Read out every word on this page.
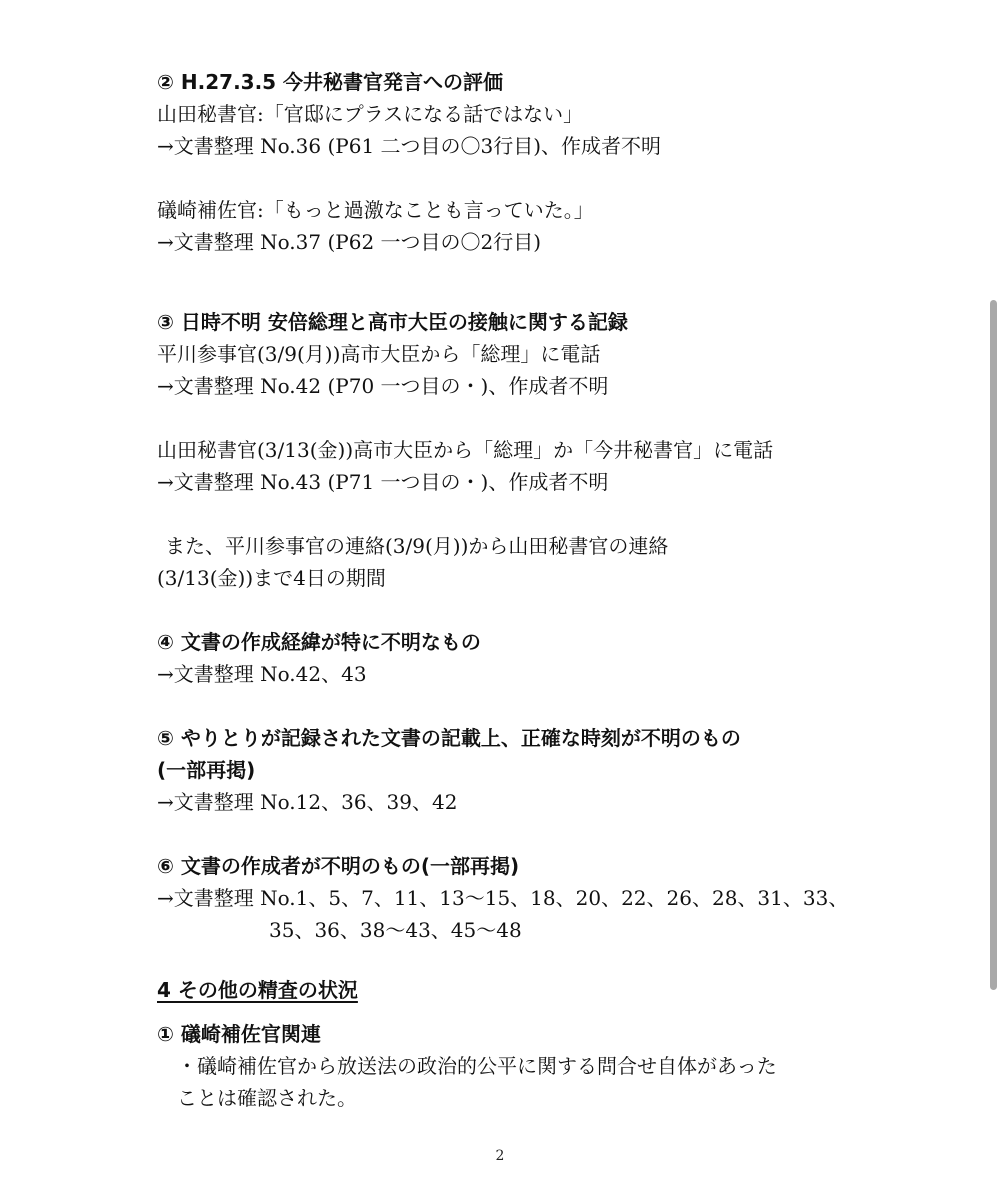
② H.27.3.5 今井秘書官発言への評価
山田秘書官:「官邸にプラスになる話ではない」
→文書整理 No.36 (P61 二つ目の〇3行目)、作成者不明
礒崎補佐官:「もっと過激なことも言っていた。」
→文書整理 No.37 (P62 一つ目の〇2行目)
③ 日時不明 安倍総理と高市大臣の接触に関する記録
平川参事官(3/9(月))高市大臣から「総理」に電話
→文書整理 No.42 (P70 一つ目の・)、作成者不明
山田秘書官(3/13(金))高市大臣から「総理」か「今井秘書官」に電話
→文書整理 No.43 (P71 一つ目の・)、作成者不明
また、平川参事官の連絡(3/9(月))から山田秘書官の連絡
(3/13(金))まで4日の期間
④ 文書の作成経緯が特に不明なもの
→文書整理 No.42、43
⑤ やりとりが記録された文書の記載上、正確な時刻が不明のもの
(一部再掲)
→文書整理 No.12、36、39、42
⑥ 文書の作成者が不明のもの(一部再掲)
→文書整理 No.1、5、7、11、13〜15、18、20、22、26、28、31、33、
35、36、38〜43、45〜48
4 その他の精査の状況
① 礒崎補佐官関連
・礒崎補佐官から放送法の政治的公平に関する問合せ自体があった
ことは確認された。
2
